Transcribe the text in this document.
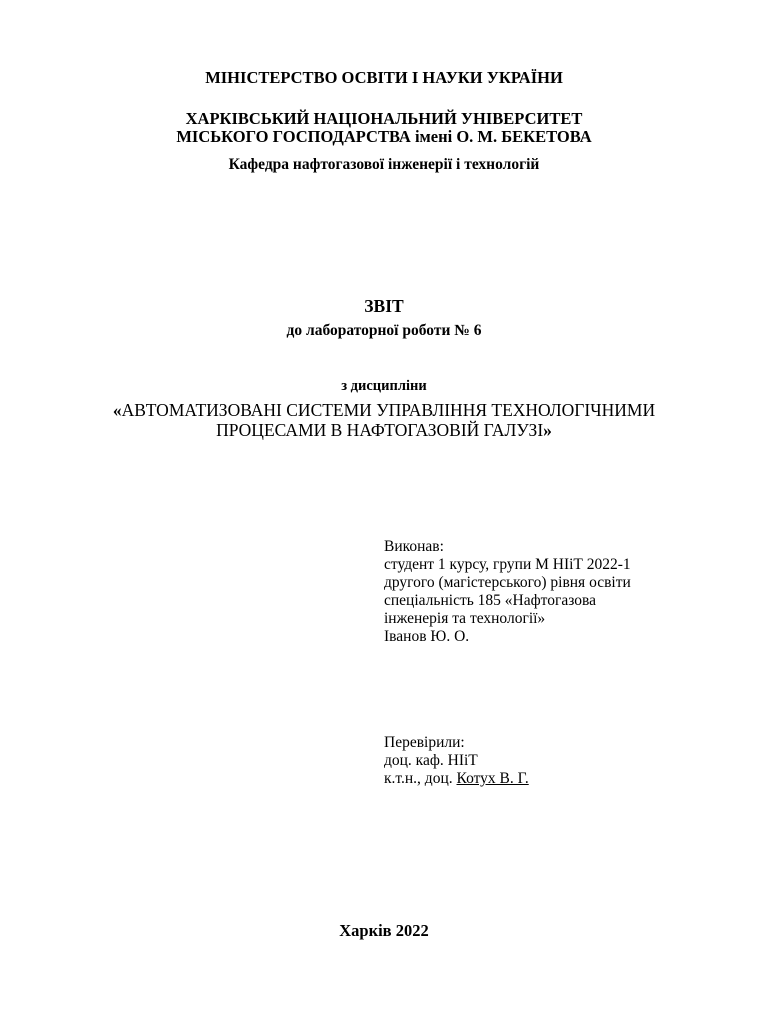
МІНІСТЕРСТВО ОСВІТИ І НАУКИ УКРАЇНИ
ХАРКІВСЬКИЙ НАЦІОНАЛЬНИЙ УНІВЕРСИТЕТ
МІСЬКОГО ГОСПОДАРСТВА імені О. М. БЕКЕТОВА
Кафедра нафтогазової інженерії і технологій
ЗВІТ
до лабораторної роботи № 6
з дисципліни
«АВТОМАТИЗОВАНІ СИСТЕМИ УПРАВЛІННЯ ТЕХНОЛОГІЧНИМИ
ПРОЦЕСАМИ В НАФТОГАЗОВІЙ ГАЛУЗІ»
Виконав:
студент 1 курсу, групи М НІіТ 2022-1
другого (магістерського) рівня освіти
спеціальність 185 «Нафтогазова
інженерія та технології»
Іванов Ю. О.
Перевірили:
доц. каф. НІіТ
к.т.н., доц. Котух В. Г.
Харків 2022
